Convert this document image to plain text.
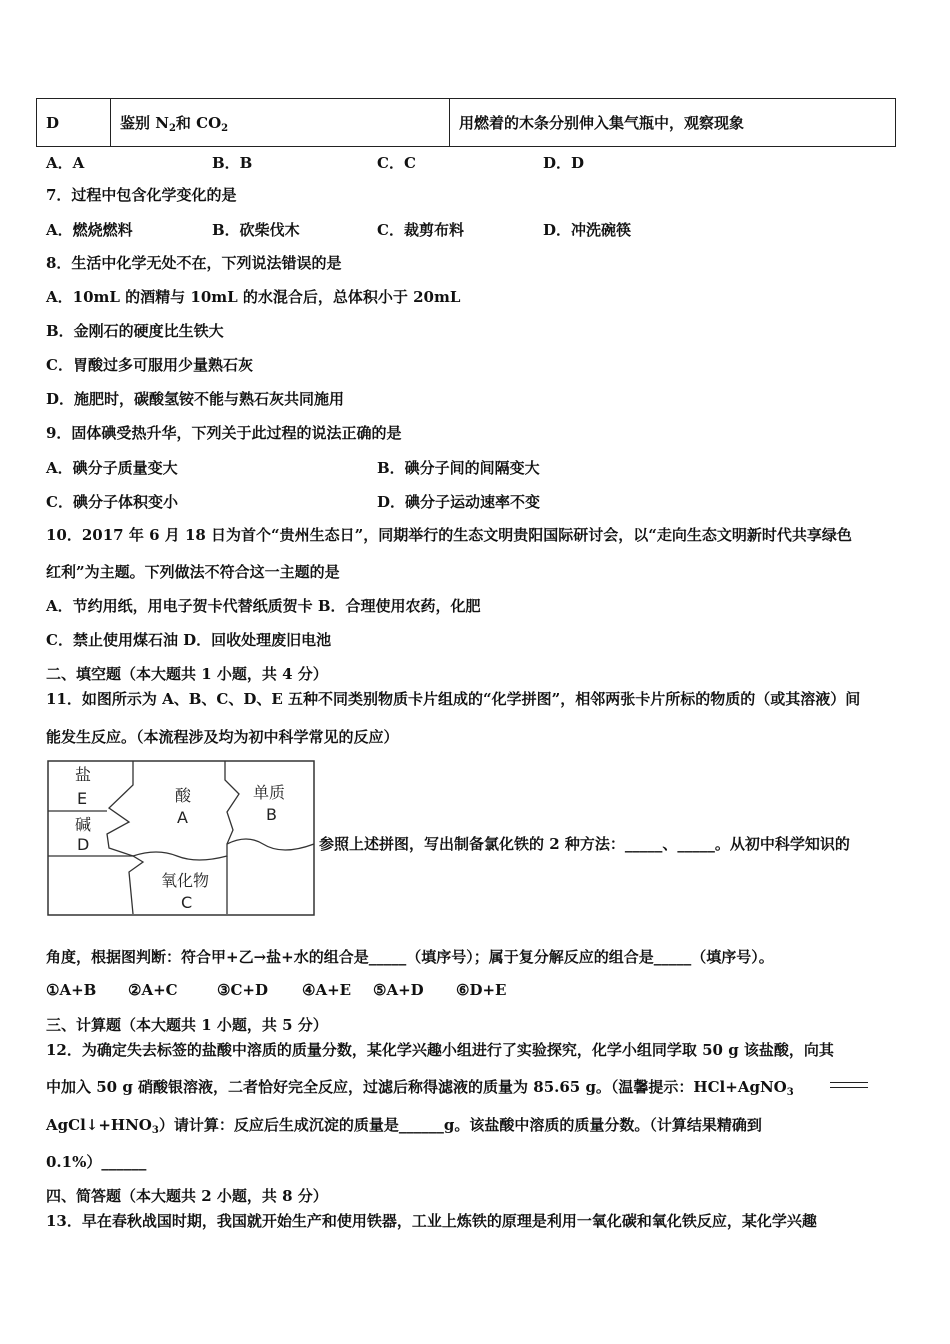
D	鉴别 $N_2$和 $CO_2$	用燃着的木条分别伸入集气瓶中，观察现象
A．A	B．B	C．C	D．D
7．过程中包含化学变化的是
A．燃烧燃料	B．砍柴伐木	C．裁剪布料	D．冲洗碗筷
8．生活中化学无处不在，下列说法错误的是
A．10mL 的酒精与 10mL 的水混合后，总体积小于 20mL
B．金刚石的硬度比生铁大
C．胃酸过多可服用少量熟石灰
D．施肥时，碳酸氢铵不能与熟石灰共同施用
9．固体碘受热升华，下列关于此过程的说法正确的是
A．碘分子质量变大	B．碘分子间的间隔变大
C．碘分子体积变小	D．碘分子运动速率不变
10．2017 年 6 月 18 日为首个“贵州生态日”，同期举行的生态文明贵阳国际研讨会，以“走向生态文明新时代共享绿色
红利”为主题。下列做法不符合这一主题的是
A．节约用纸，用电子贺卡代替纸质贺卡 B．合理使用农药，化肥
C．禁止使用煤石油 D．回收处理废旧电池
二、填空题（本大题共 1 小题，共 4 分）
11．如图所示为 A、B、C、D、E 五种不同类别物质卡片组成的“化学拼图”，相邻两张卡片所标的物质的（或其溶液）间
能发生反应。（本流程涉及均为初中科学常见的反应）
盐
E
碱
D
酸
A
单质
B
氧化物
C
参照上述拼图，写出制备氯化铁的 2 种方法：_____、_____。从初中科学知识的
角度，根据图判断：符合甲+乙→盐+水的组合是_____（填序号）；属于复分解反应的组合是_____（填序号）。
①A+B ②A+C	③C+D ④A+E ⑤A+D ⑥D+E
三、计算题（本大题共 1 小题，共 5 分）
12．为确定失去标签的盐酸中溶质的质量分数，某化学兴趣小组进行了实验探究，化学小组同学取 50 g 该盐酸，向其
中加入 50 g 硝酸银溶液，二者恰好完全反应，过滤后称得滤液的质量为 85.65 g。（温馨提示：HCl+AgNO$_3$
$AgCl↓+HNO_3$）请计算：反应后生成沉淀的质量是______g。该盐酸中溶质的质量分数。（计算结果精确到
0.1%）______
四、简答题（本大题共 2 小题，共 8 分）
13．早在春秋战国时期，我国就开始生产和使用铁器，工业上炼铁的原理是利用一氧化碳和氧化铁反应，某化学兴趣
